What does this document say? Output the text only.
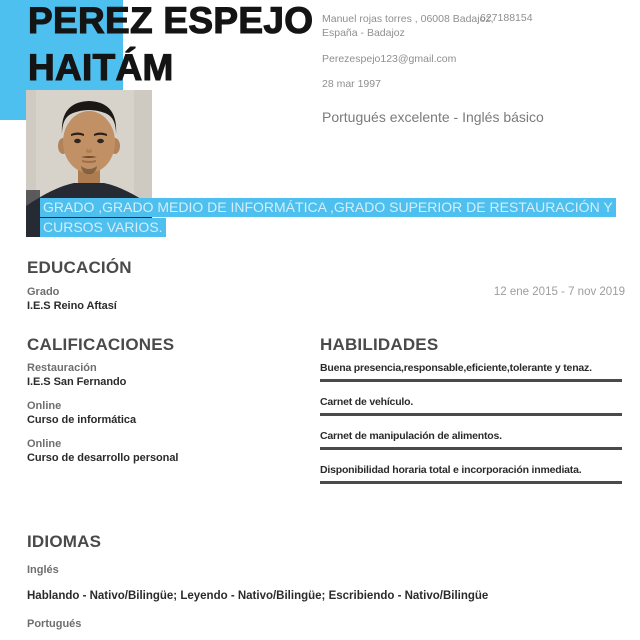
PEREZ ESPEJO
HAITÁM
Manuel rojas torres , 06008 Badajoz,
España - Badajoz
627188154
Perezespejo123@gmail.com
28 mar 1997
Portugués excelente - Inglés básico
GRADO ,GRADO MEDIO DE INFORMÁTICA ,GRADO SUPERIOR DE RESTAURACIÓN Y CURSOS VARIOS.
EDUCACIÓN
Grado
I.E.S Reino Aftasí
12 ene 2015 - 7 nov 2019
CALIFICACIONES
Restauración
I.E.S San Fernando
Online
Curso de informática
Online
Curso de desarrollo personal
HABILIDADES
Buena presencia,responsable,eficiente,tolerante y tenaz.
Carnet de vehículo.
Carnet de manipulación de alimentos.
Disponibilidad horaria total e incorporación inmediata.
IDIOMAS
Inglés
Hablando - Nativo/Bilingüe; Leyendo - Nativo/Bilingüe; Escribiendo - Nativo/Bilingüe
Portugués
